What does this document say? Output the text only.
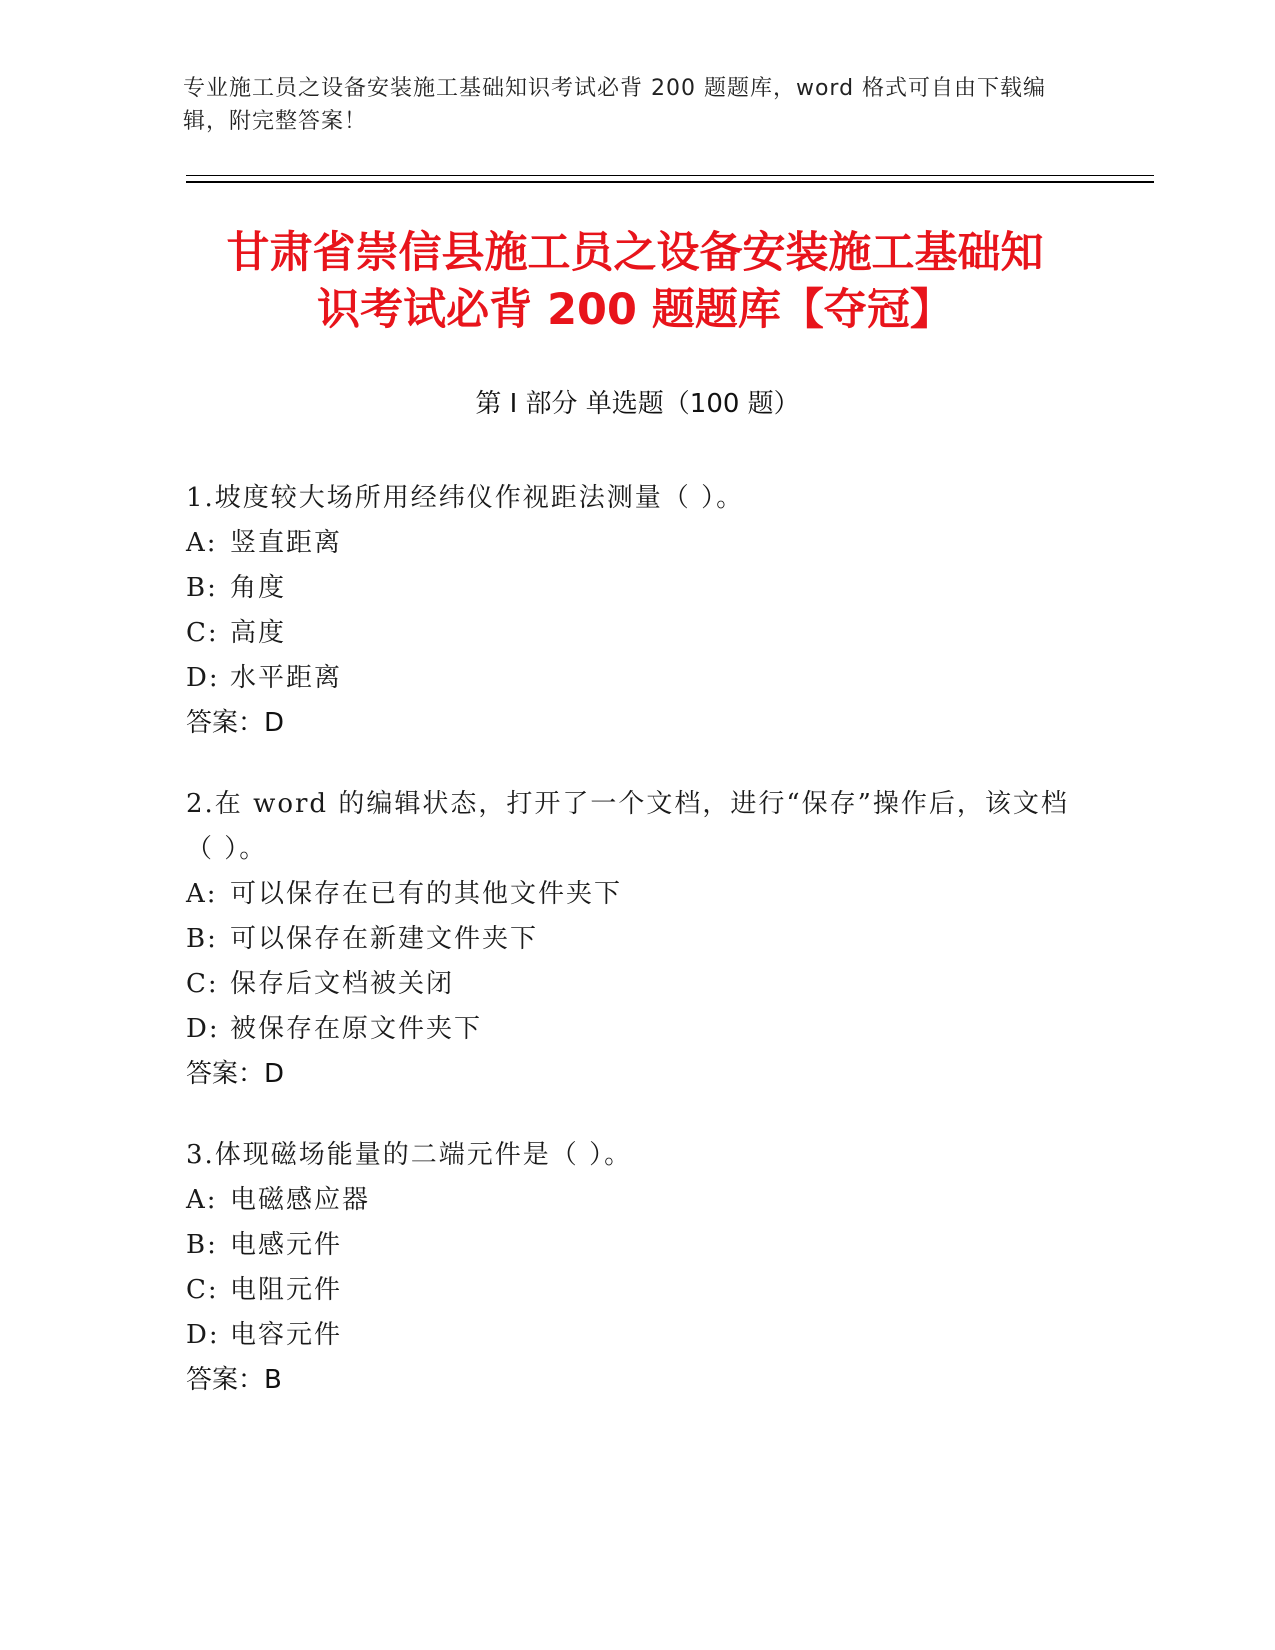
专业施工员之设备安装施工基础知识考试必背 200 题题库，word 格式可自由下载编辑，附完整答案！
甘肃省崇信县施工员之设备安装施工基础知
识考试必背 200 题题库【夺冠】
第 I 部分 单选题（100 题）
1.坡度较大场所用经纬仪作视距法测量（ ）。
A: 竖直距离
B: 角度
C: 高度
D: 水平距离
答案：D
2.在 word 的编辑状态，打开了一个文档，进行“保存”操作后，该文档（ ）。
A: 可以保存在已有的其他文件夹下
B: 可以保存在新建文件夹下
C: 保存后文档被关闭
D: 被保存在原文件夹下
答案：D
3.体现磁场能量的二端元件是（ ）。
A: 电磁感应器
B: 电感元件
C: 电阻元件
D: 电容元件
答案：B
